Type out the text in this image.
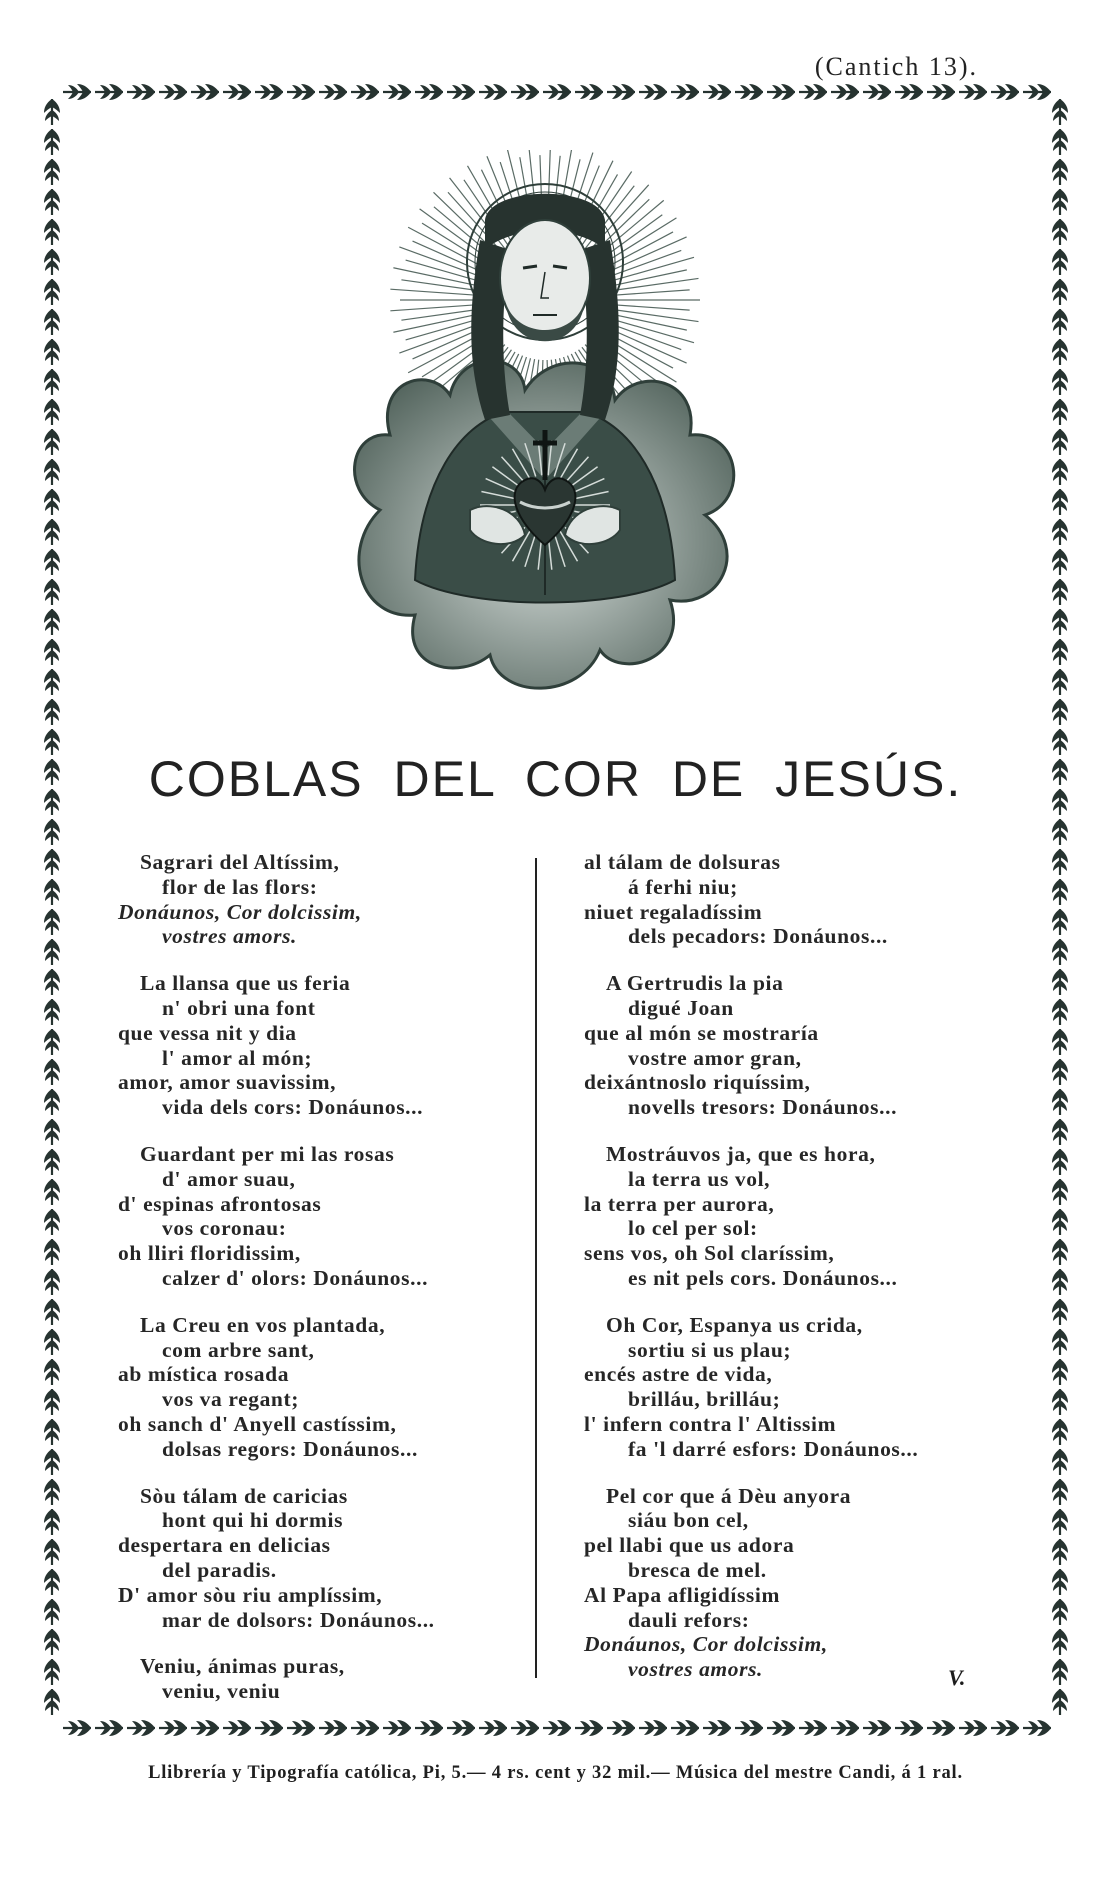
(Cantich 13).
COBLAS DEL COR DE JESÚS.
Sagrari del Altíssim,
flor de las flors:
Donáunos, Cor dolcissim,
vostres amors.
La llansa que us feria
n' obri una font
que vessa nit y dia
l' amor al món;
amor, amor suavissim,
vida dels cors: Donáunos...
Guardant per mi las rosas
d' amor suau,
d' espinas afrontosas
vos coronau:
oh lliri floridissim,
calzer d' olors: Donáunos...
La Creu en vos plantada,
com arbre sant,
ab mística rosada
vos va regant;
oh sanch d' Anyell castíssim,
dolsas regors: Donáunos...
Sòu tálam de caricias
hont qui hi dormis
despertara en delicias
del paradis.
D' amor sòu riu amplíssim,
mar de dolsors: Donáunos...
Veniu, ánimas puras,
veniu, veniu
al tálam de dolsuras
á ferhi niu;
niuet regaladíssim
dels pecadors: Donáunos...
A Gertrudis la pia
digué Joan
que al món se mostraría
vostre amor gran,
deixántnoslo riquíssim,
novells tresors: Donáunos...
Mostráuvos ja, que es hora,
la terra us vol,
la terra per aurora,
lo cel per sol:
sens vos, oh Sol claríssim,
es nit pels cors. Donáunos...
Oh Cor, Espanya us crida,
sortiu si us plau;
encés astre de vida,
brilláu, brilláu;
l' infern contra l' Altissim
fa 'l darré esfors: Donáunos...
Pel cor que á Dèu anyora
siáu bon cel,
pel llabi que us adora
bresca de mel.
Al Papa afligidíssim
dauli refors:
Donáunos, Cor dolcissim,
vostres amors.	V.
Llibrería y Tipografía católica, Pi, 5.— 4 rs. cent y 32 mil.— Música del mestre Candi, á 1 ral.
